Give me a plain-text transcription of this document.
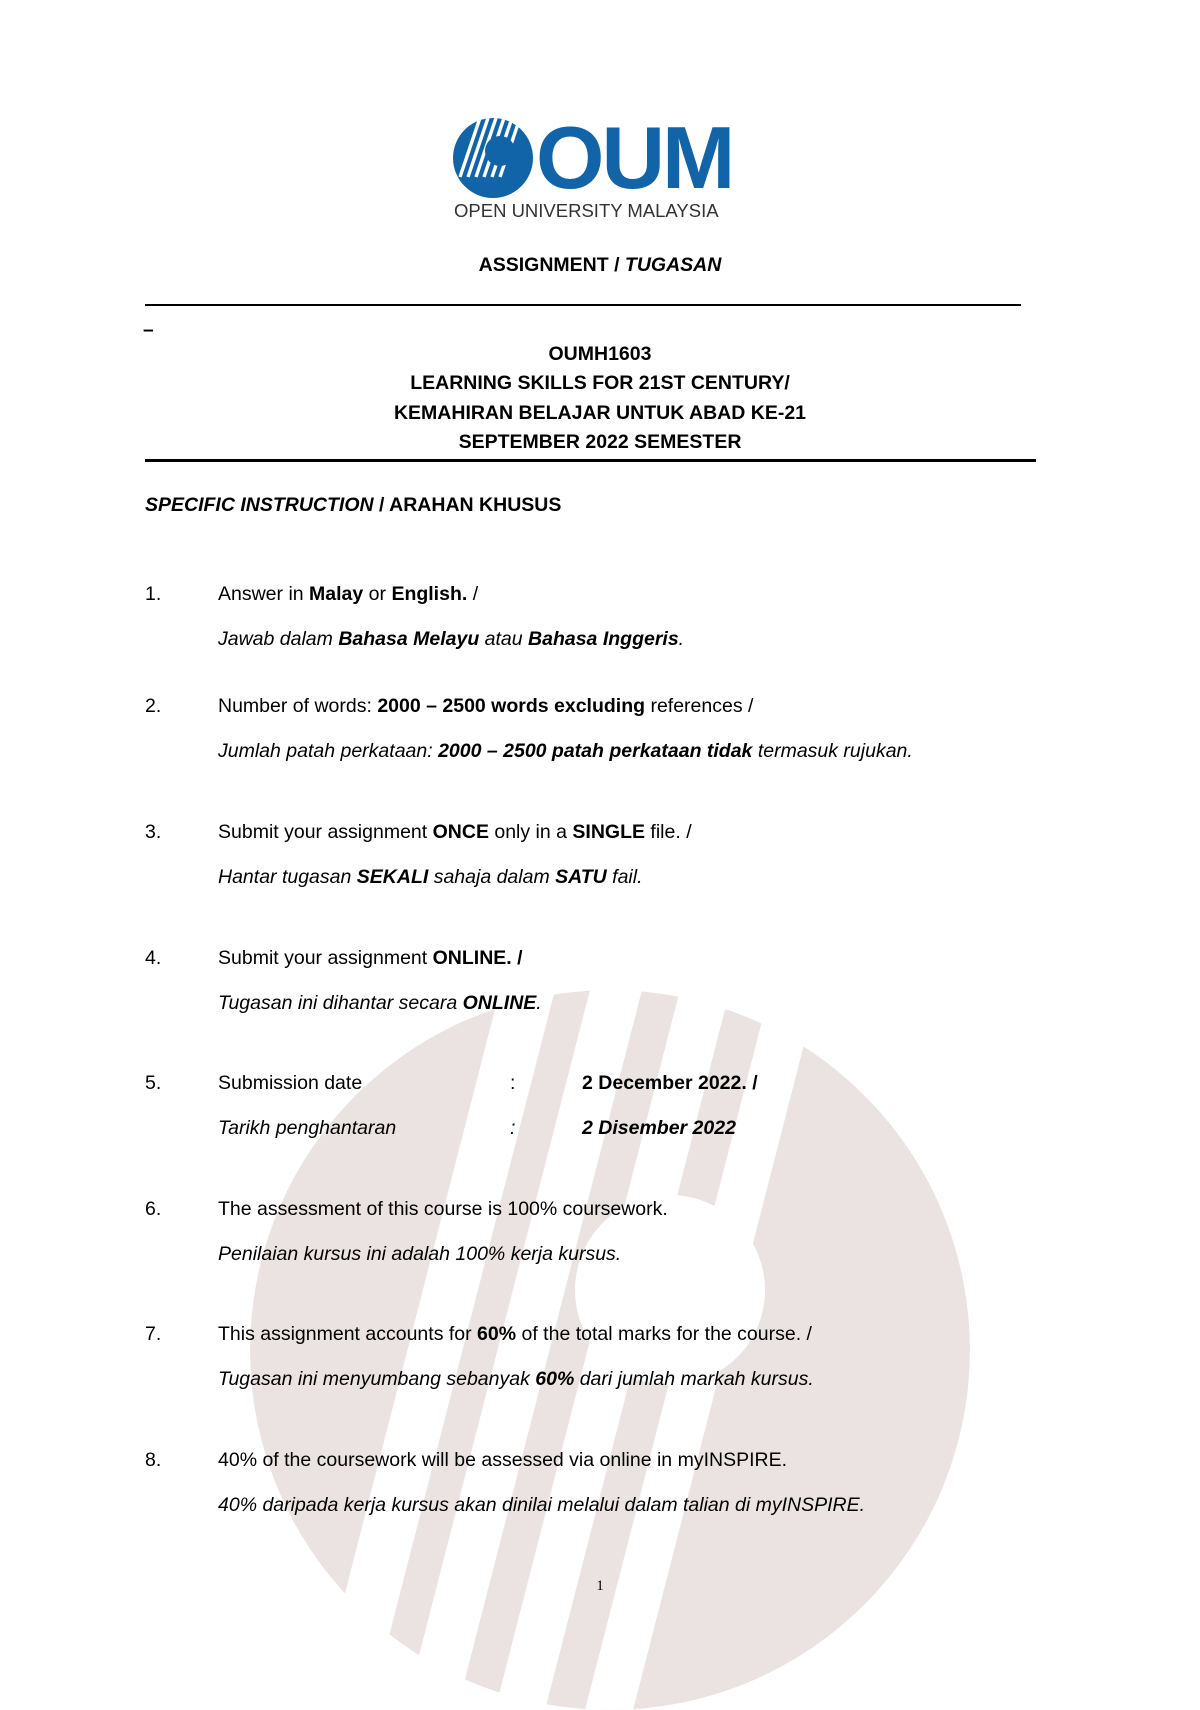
OUM
OPEN UNIVERSITY MALAYSIA
ASSIGNMENT / TUGASAN
–
OUMH1603
LEARNING SKILLS FOR 21ST CENTURY/
KEMAHIRAN BELAJAR UNTUK ABAD KE-21
SEPTEMBER 2022 SEMESTER
SPECIFIC INSTRUCTION / ARAHAN KHUSUS
1.	Answer in Malay or English. /
Jawab dalam Bahasa Melayu atau Bahasa Inggeris.
2.	Number of words: 2000 – 2500 words excluding references /
Jumlah patah perkataan: 2000 – 2500 patah perkataan tidak termasuk rujukan.
3.	Submit your assignment ONCE only in a SINGLE file. /
Hantar tugasan SEKALI sahaja dalam SATU fail.
4.	Submit your assignment ONLINE. /
Tugasan ini dihantar secara ONLINE.
5.	Submission date	:	2 December 2022. /
Tarikh penghantaran	:	2 Disember 2022
6.	The assessment of this course is 100% coursework.
Penilaian kursus ini adalah 100% kerja kursus.
7.	This assignment accounts for 60% of the total marks for the course. /
Tugasan ini menyumbang sebanyak 60% dari jumlah markah kursus.
8.	40% of the coursework will be assessed via online in myINSPIRE.
40% daripada kerja kursus akan dinilai melalui dalam talian di myINSPIRE.
1
